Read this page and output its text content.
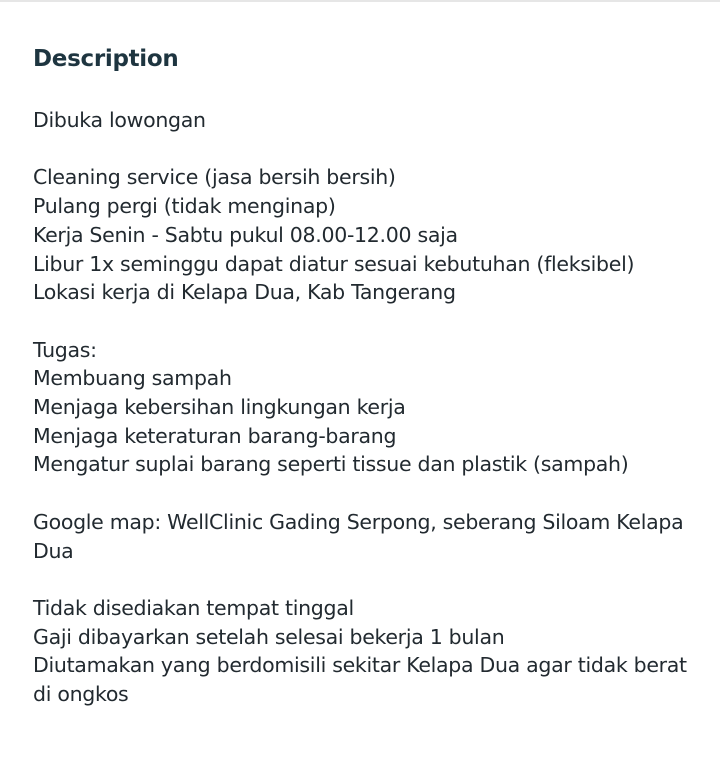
Description
Dibuka lowongan
Cleaning service (jasa bersih bersih)
Pulang pergi (tidak menginap)
Kerja Senin - Sabtu pukul 08.00-12.00 saja
Libur 1x seminggu dapat diatur sesuai kebutuhan (fleksibel)
Lokasi kerja di Kelapa Dua, Kab Tangerang
Tugas:
Membuang sampah
Menjaga kebersihan lingkungan kerja
Menjaga keteraturan barang-barang
Mengatur suplai barang seperti tissue dan plastik (sampah)
Google map: WellClinic Gading Serpong, seberang Siloam Kelapa
Dua
Tidak disediakan tempat tinggal
Gaji dibayarkan setelah selesai bekerja 1 bulan
Diutamakan yang berdomisili sekitar Kelapa Dua agar tidak berat
di ongkos
